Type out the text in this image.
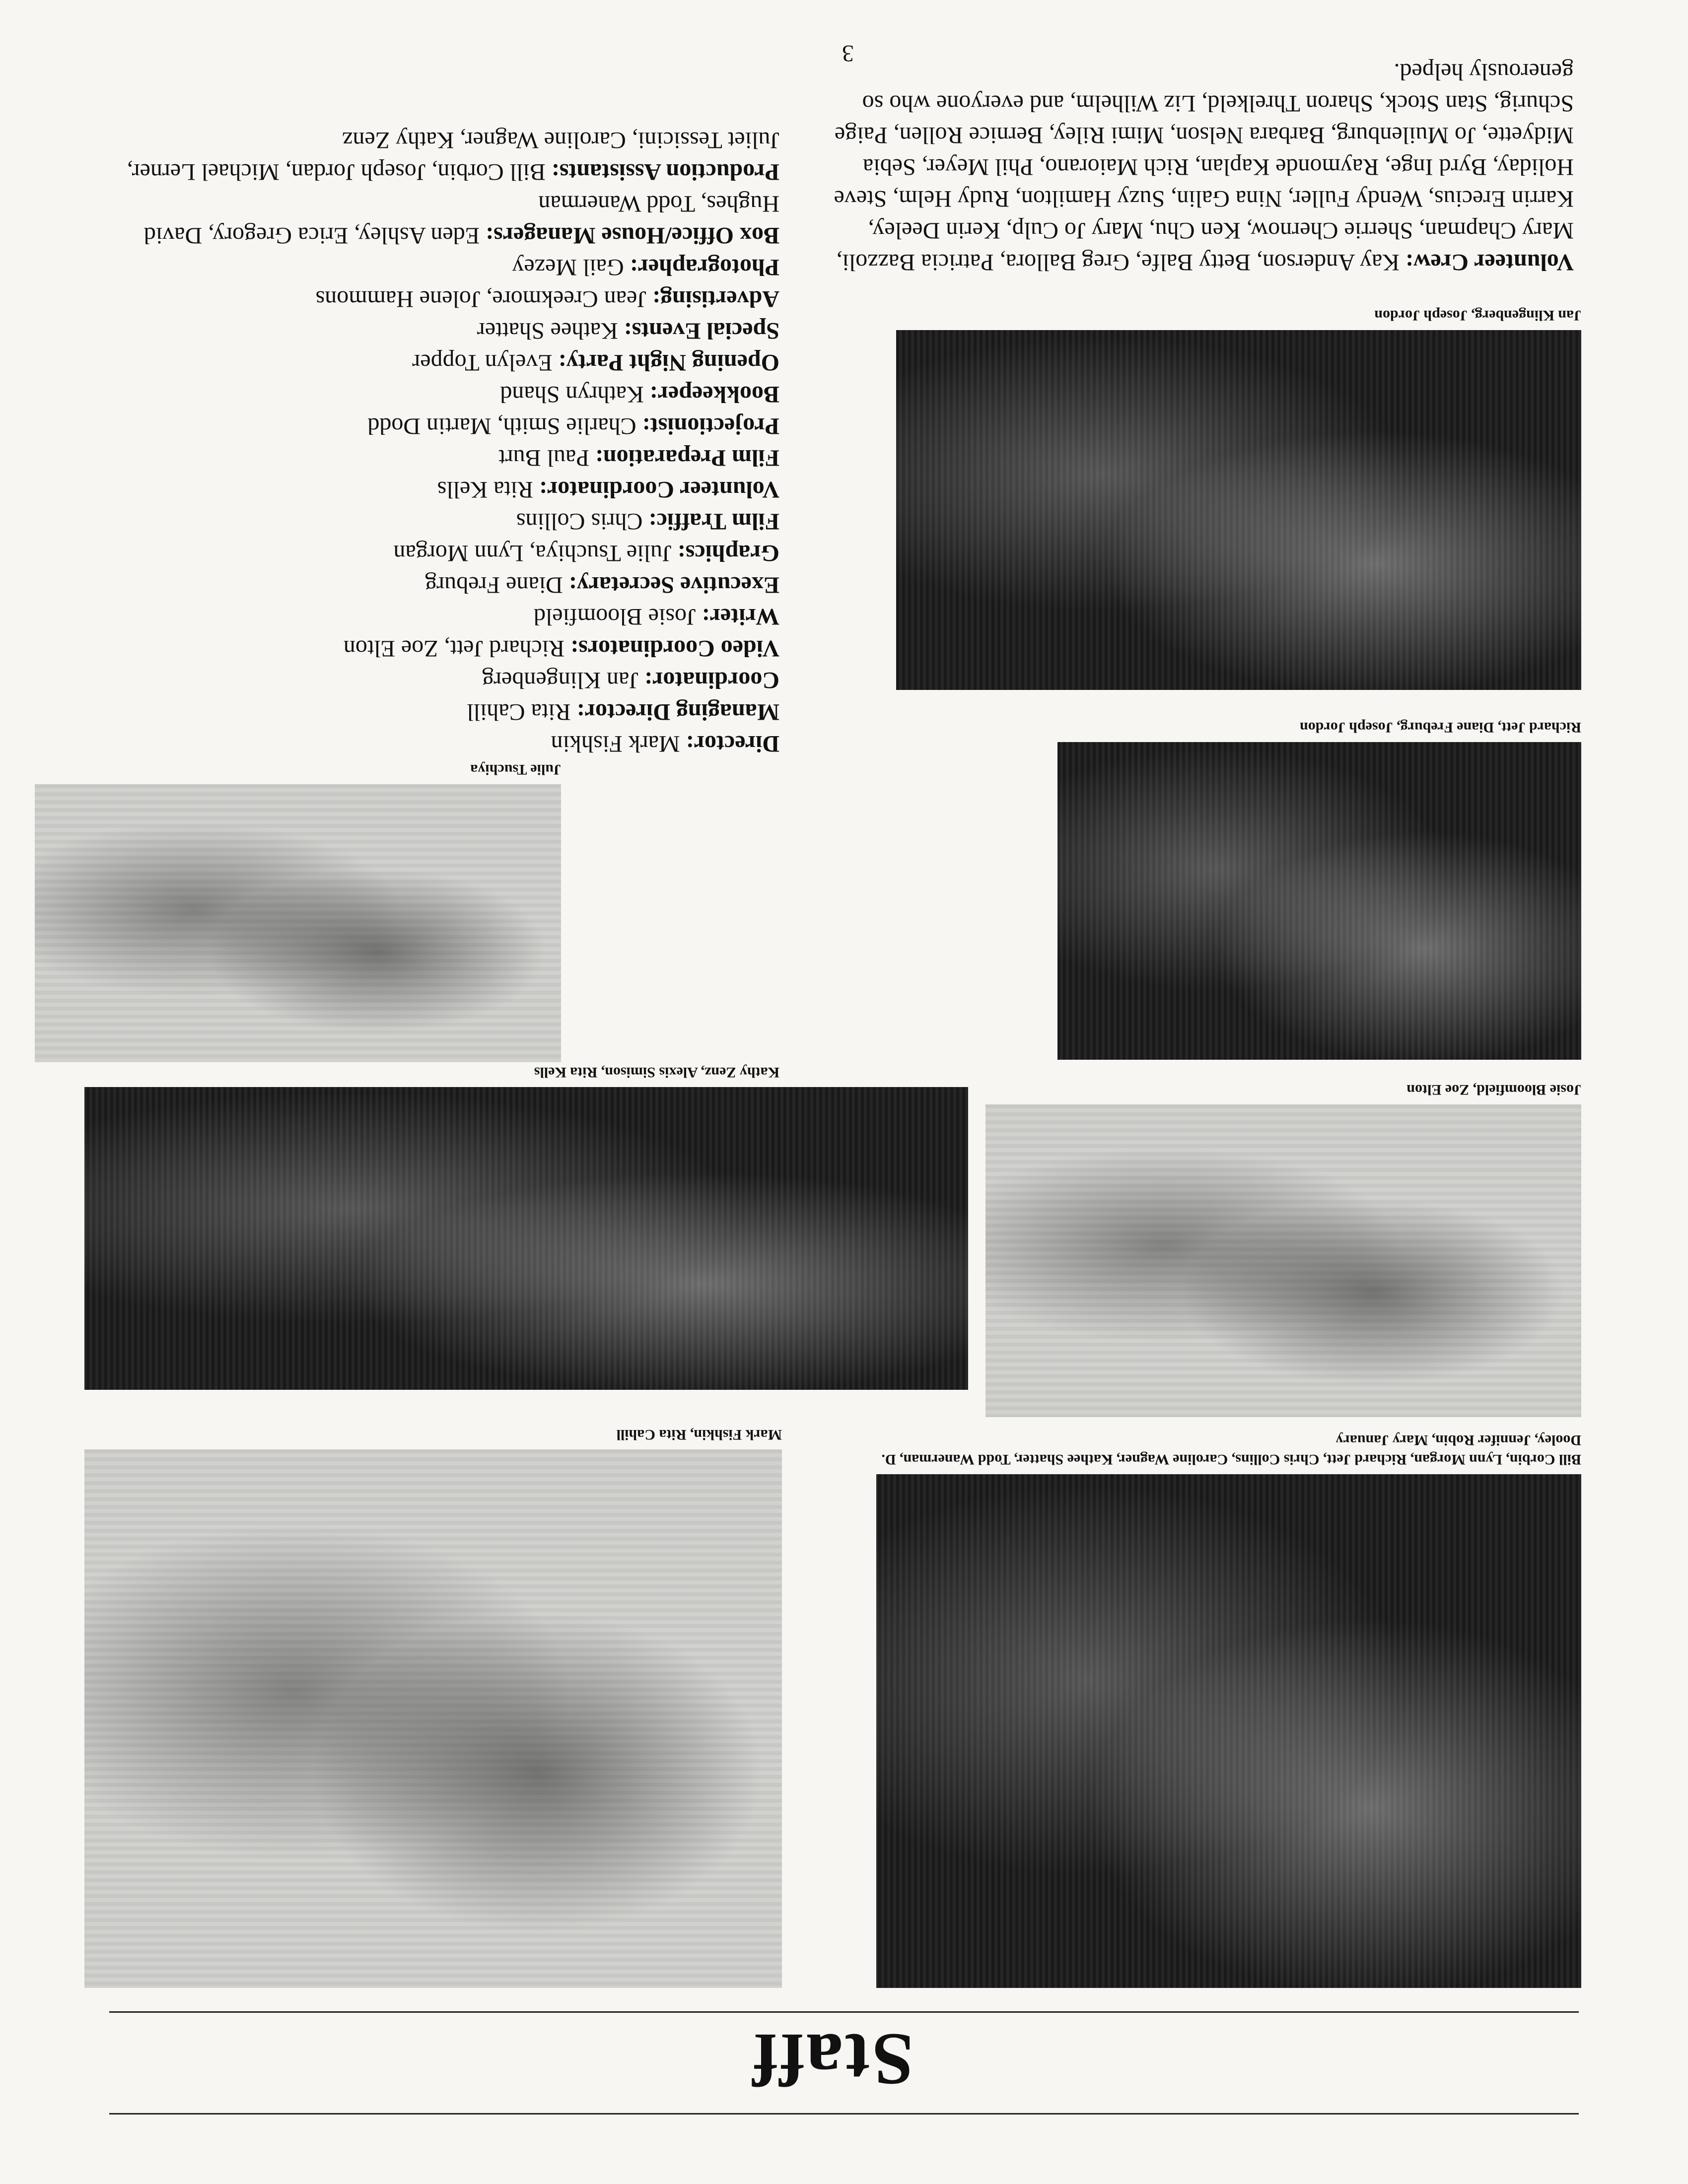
Staff
Bill Corbin, Lynn Morgan, Richard Jett, Chris Collins, Caroline Wagner, Kathee Shatter, Todd Wanerman, D. Dooley, Jennifer Robin, Mary January
Josie Bloomfield, Zoe Elton
Richard Jett, Diane Freburg, Joseph Jordon
Jan Klingenberg, Joseph Jordon

Volunteer Crew: Kay Anderson, Betty Balfe, Greg Ballora, Patricia Bazzoli, Mary Chapman, Sherrie Chernow, Ken Chu, Mary Jo Culp, Kerin Deeley, Karrin Erecius, Wendy Fuller, Nina Galin, Suzy Hamilton, Rudy Helm, Steve Holiday, Byrd Inge, Raymonde Kaplan, Rich Maiorano, Phil Meyer, Sebia Midyette, Jo Muilenburg, Barbara Nelson, Mimi Riley, Bernice Rollen, Paige Schurig, Stan Stock, Sharon Threlkeld, Liz Wilhelm, and everyone who so generously helped.

Director: Mark Fishkin

Managing Director: Rita Cahill

Coordinator: Jan Klingenberg

Video Coordinators: Richard Jett, Zoe Elton

Writer: Josie Bloomfield

Executive Secretary: Diane Freburg

Graphics: Julie Tsuchiya, Lynn Morgan

Film Traffic: Chris Collins

Volunteer Coordinator: Rita Kells

Film Preparation: Paul Burt

Projectionist: Charlie Smith, Martin Dodd

Bookkeeper: Kathryn Shand

Opening Night Party: Evelyn Topper

Special Events: Kathee Shatter

Advertising: Jean Creekmore, Jolene Hammons

Photographer: Gail Mezey

Box Office/House Managers: Eden Ashley, Erica Gregory, David Hughes, Todd Wanerman

Production Assistants: Bill Corbin, Joseph Jordan, Michael Lerner, Juliet Tessicini, Caroline Wagner, Kathy Zenz

Mark Fishkin, Rita Cahill
Kathy Zenz, Alexis Simison, Rita Kells
Julie Tsuchiya
3
